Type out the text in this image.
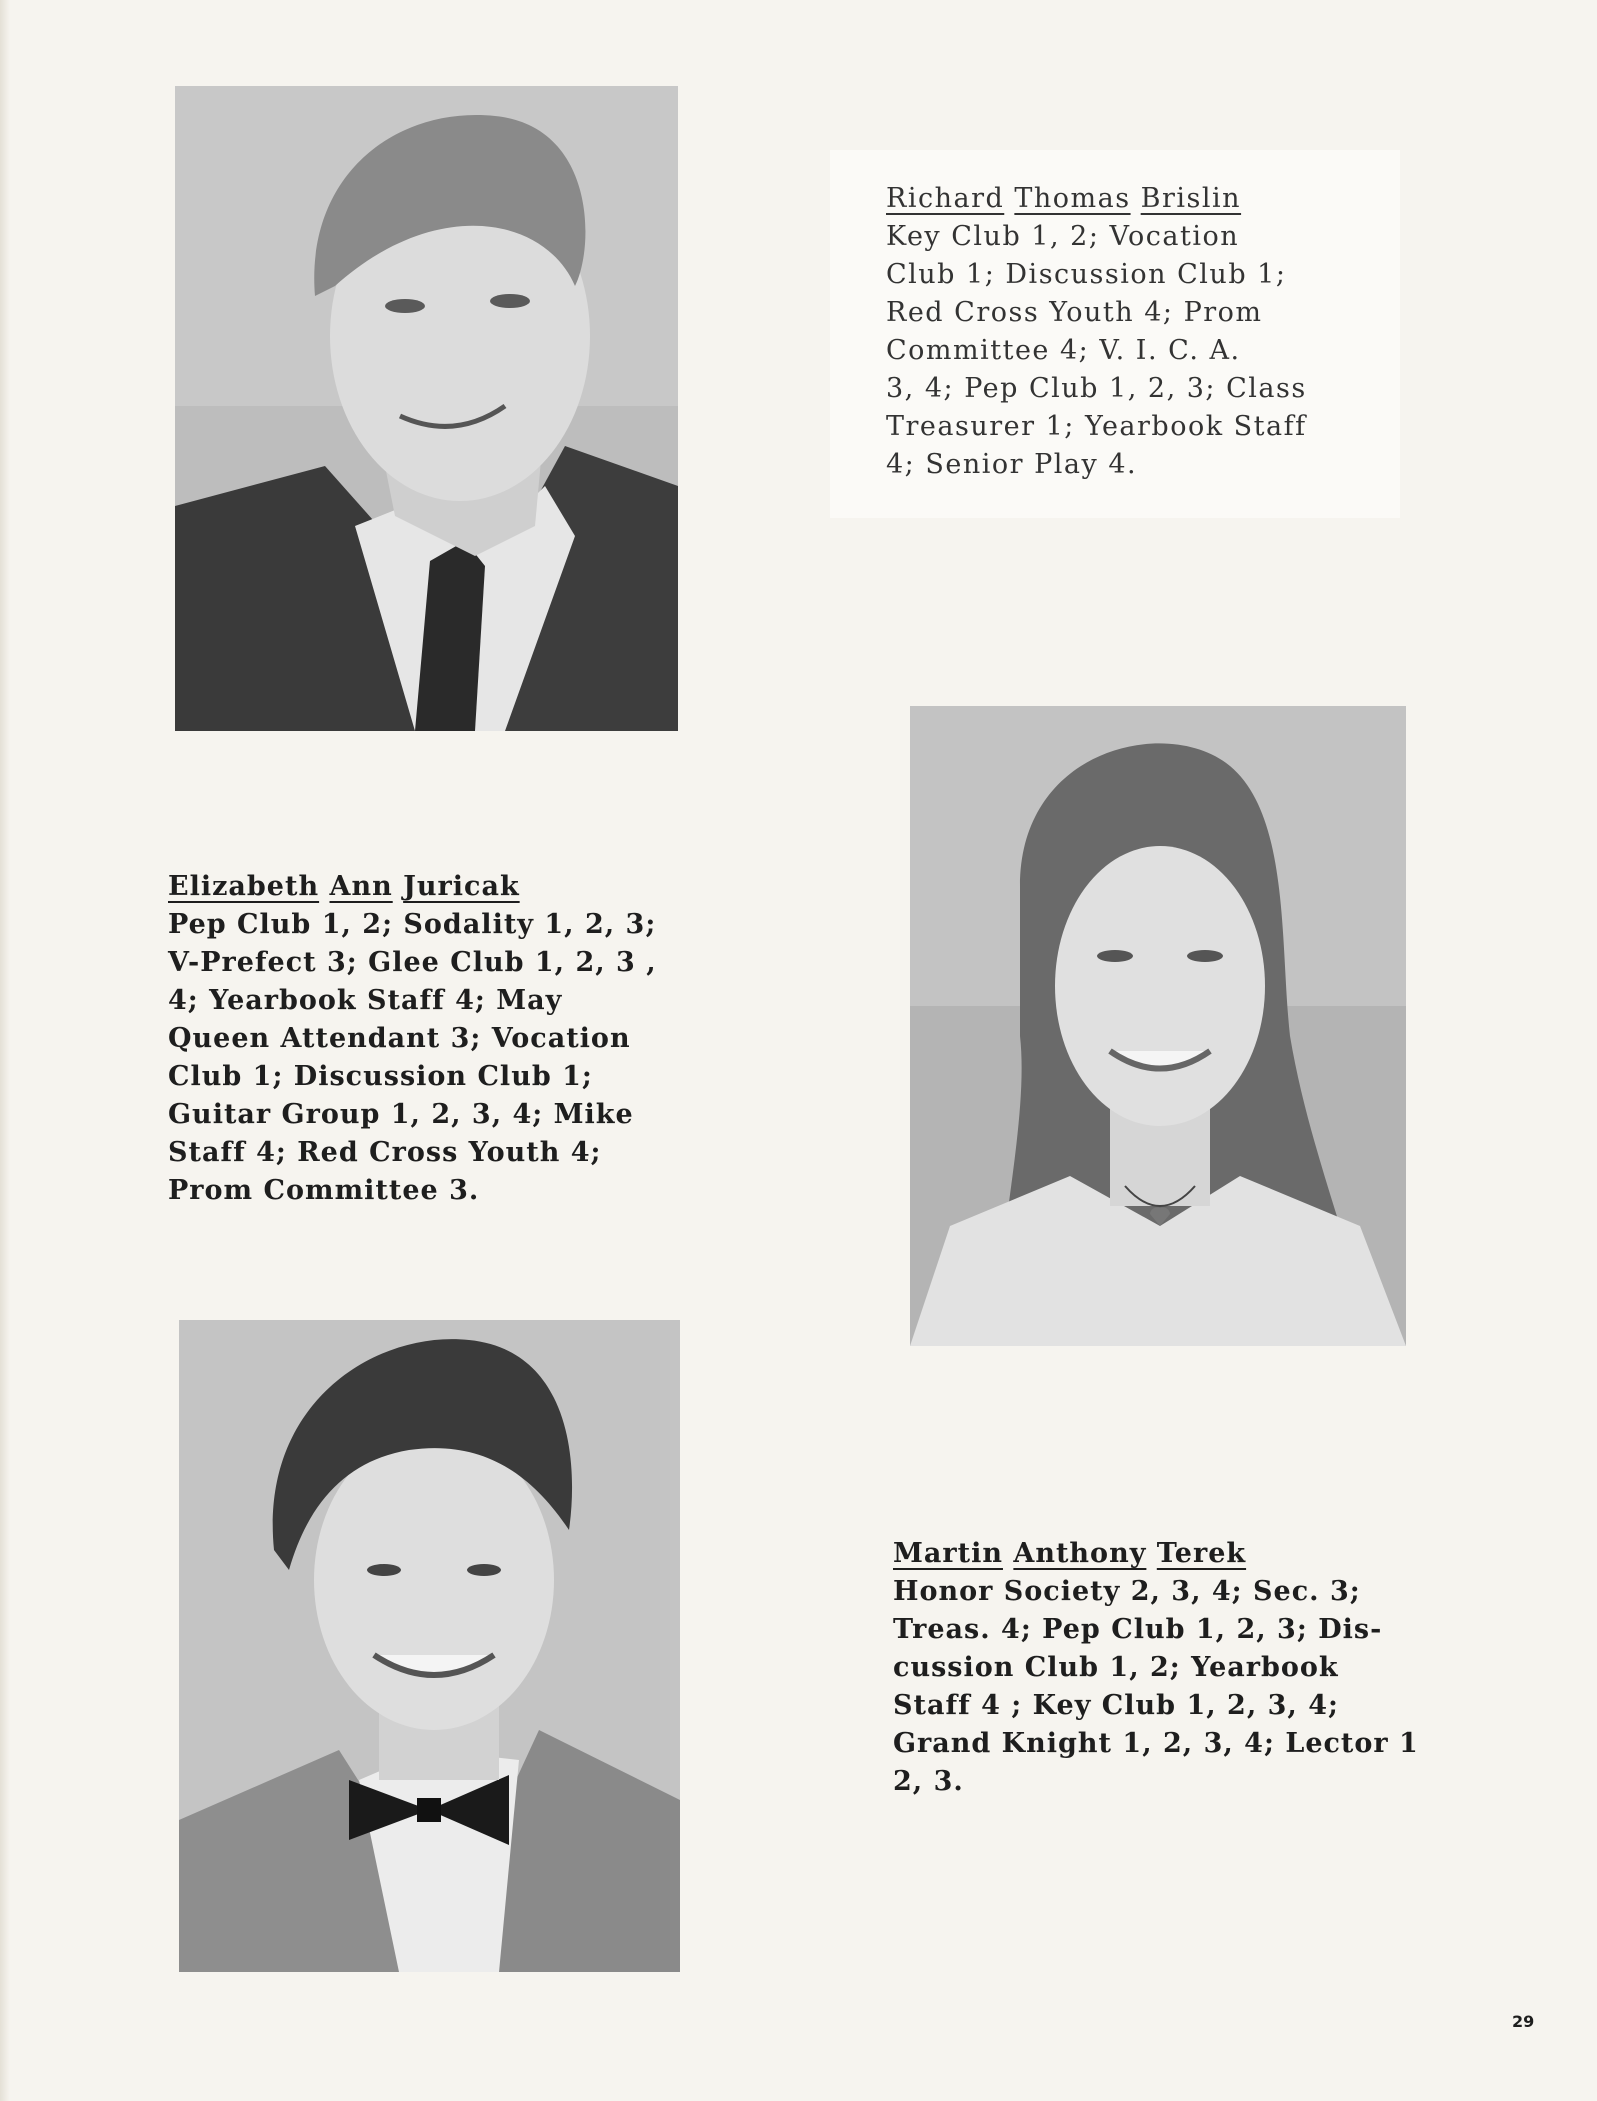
Richard Thomas Brislin
Key Club 1, 2; Vocation
Club 1; Discussion Club 1;
Red Cross Youth 4; Prom
Committee 4; V. I. C. A.
3, 4; Pep Club 1, 2, 3; Class
Treasurer 1; Yearbook Staff
4; Senior Play 4.
Elizabeth Ann Juricak
Pep Club 1, 2; Sodality 1, 2, 3;
V-Prefect 3; Glee Club 1, 2, 3 ,
4; Yearbook Staff 4; May
Queen Attendant 3; Vocation
Club 1; Discussion Club 1;
Guitar Group 1, 2, 3, 4; Mike
Staff 4; Red Cross Youth 4;
Prom Committee 3.
Martin Anthony Terek
Honor Society 2, 3, 4; Sec. 3;
Treas. 4; Pep Club 1, 2, 3; Dis-
cussion Club 1, 2; Yearbook
Staff 4 ; Key Club 1, 2, 3, 4;
Grand Knight 1, 2, 3, 4; Lector 1
2, 3.
29
